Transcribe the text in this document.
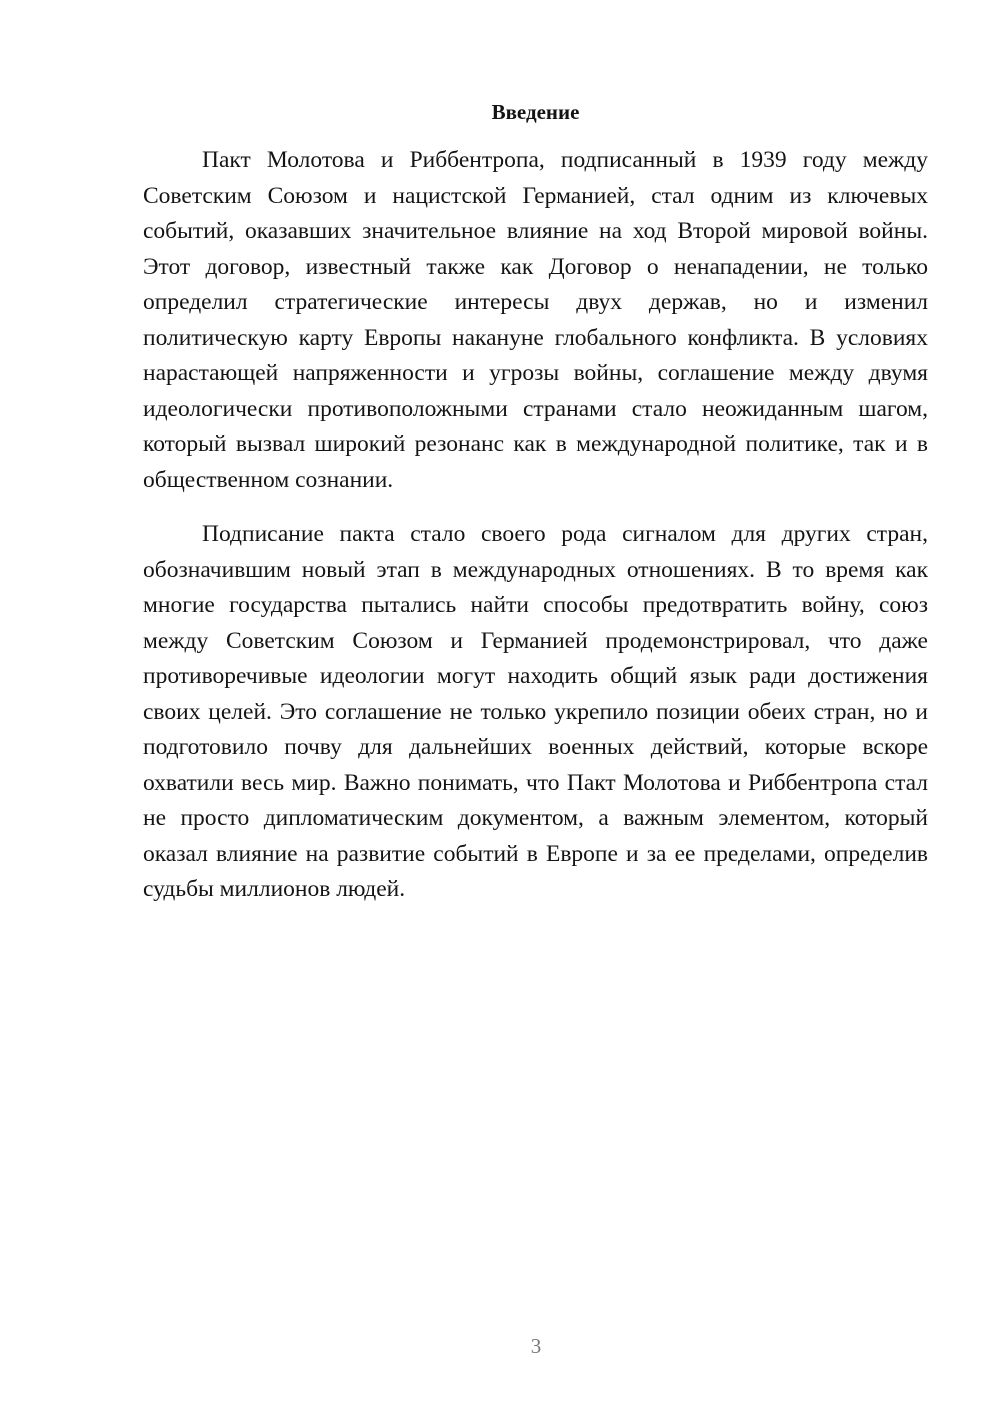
Введение

Пакт Молотова и Риббентропа, подписанный в 1939 году между Советским Союзом и нацистской Германией, стал одним из ключевых событий, оказавших значительное влияние на ход Второй мировой войны. Этот договор, известный также как Договор о ненападении, не только определил стратегические интересы двух держав, но и изменил политическую карту Европы накануне глобального конфликта. В условиях нарастающей напряженности и угрозы войны, соглашение между двумя идеологически противоположными странами стало неожиданным шагом, который вызвал широкий резонанс как в международной политике, так и в общественном сознании.

Подписание пакта стало своего рода сигналом для других стран, обозначившим новый этап в международных отношениях. В то время как многие государства пытались найти способы предотвратить войну, союз между Советским Союзом и Германией продемонстрировал, что даже противоречивые идеологии могут находить общий язык ради достижения своих целей. Это соглашение не только укрепило позиции обеих стран, но и подготовило почву для дальнейших военных действий, которые вскоре охватили весь мир. Важно понимать, что Пакт Молотова и Риббентропа стал не просто дипломатическим документом, а важным элементом, который оказал влияние на развитие событий в Европе и за ее пределами, определив судьбы миллионов людей.

3
